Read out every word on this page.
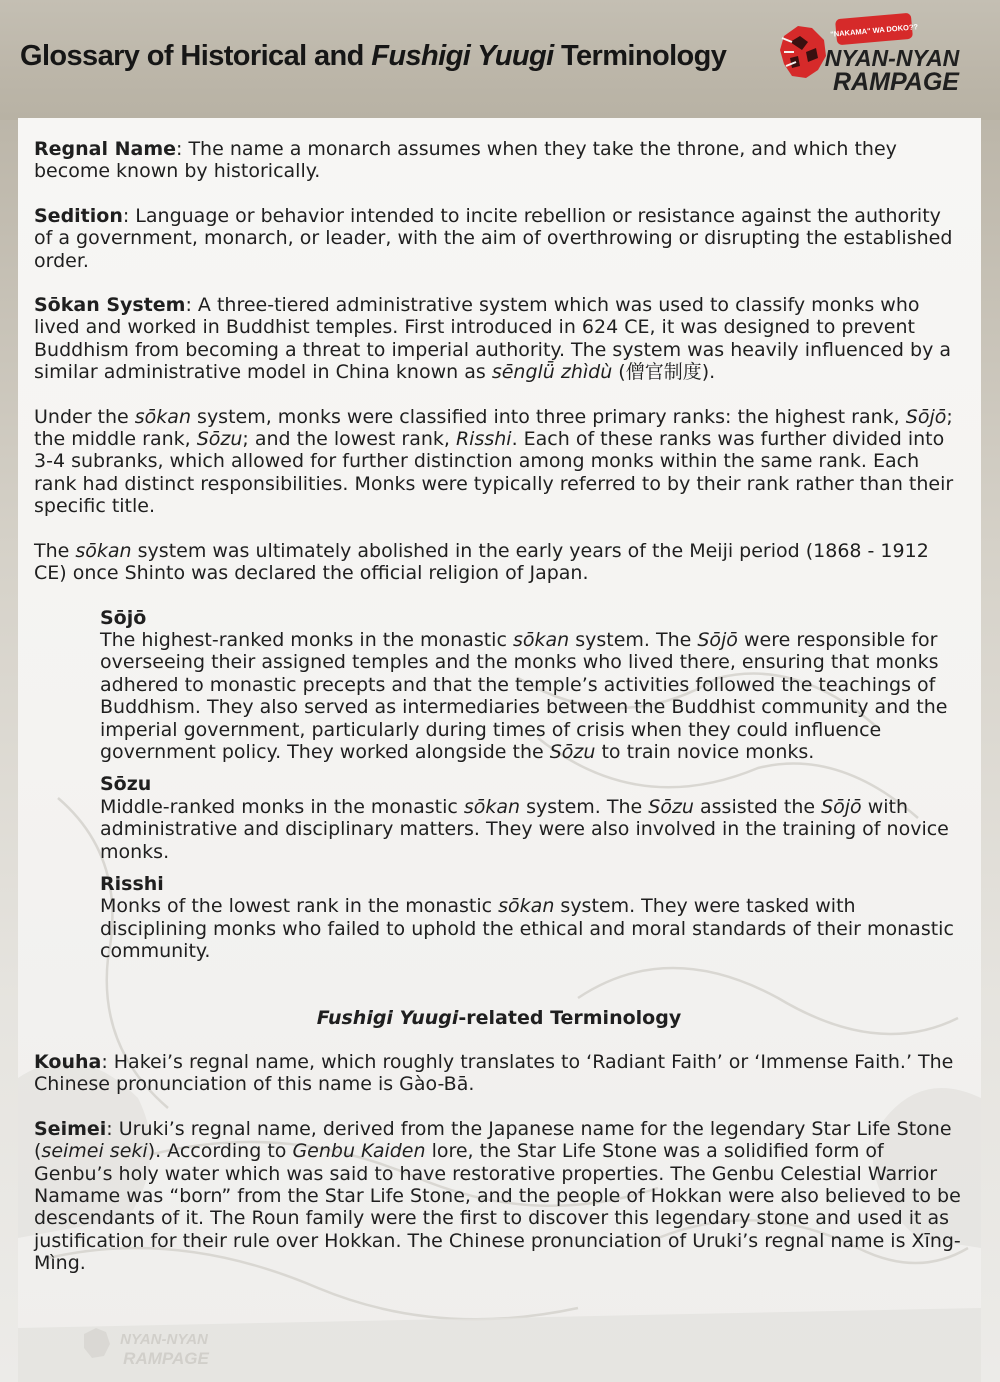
Glossary of Historical and Fushigi Yuugi Terminology
"NAKAMA" WA DOKO??
NYAN-NYAN
RAMPAGE

Regnal Name: The name a monarch assumes when they take the throne, and which they become known by historically.

Sedition: Language or behavior intended to incite rebellion or resistance against the authority of a government, monarch, or leader, with the aim of overthrowing or disrupting the established order.

Sōkan System: A three-tiered administrative system which was used to classify monks who lived and worked in Buddhist temples. First introduced in 624 CE, it was designed to prevent Buddhism from becoming a threat to imperial authority. The system was heavily influenced by a similar administrative model in China known as sēnglǖ zhìdù (僧官制度).

Under the sōkan system, monks were classified into three primary ranks: the highest rank, Sōjō; the middle rank, Sōzu; and the lowest rank, Risshi. Each of these ranks was further divided into 3-4 subranks, which allowed for further distinction among monks within the same rank. Each rank had distinct responsibilities. Monks were typically referred to by their rank rather than their specific title.

The sōkan system was ultimately abolished in the early years of the Meiji period (1868 - 1912 CE) once Shinto was declared the official religion of Japan.

Sōjō
The highest-ranked monks in the monastic sōkan system. The Sōjō were responsible for overseeing their assigned temples and the monks who lived there, ensuring that monks adhered to monastic precepts and that the temple’s activities followed the teachings of Buddhism. They also served as intermediaries between the Buddhist community and the imperial government, particularly during times of crisis when they could influence government policy. They worked alongside the Sōzu to train novice monks.
Sōzu
Middle-ranked monks in the monastic sōkan system. The Sōzu assisted the Sōjō with administrative and disciplinary matters. They were also involved in the training of novice monks.
Risshi
Monks of the lowest rank in the monastic sōkan system. They were tasked with disciplining monks who failed to uphold the ethical and moral standards of their monastic community.
Fushigi Yuugi-related Terminology

Kouha: Hakei’s regnal name, which roughly translates to ‘Radiant Faith’ or ‘Immense Faith.’ The Chinese pronunciation of this name is Gào-Bā.

Seimei: Uruki’s regnal name, derived from the Japanese name for the legendary Star Life Stone (seimei seki). According to Genbu Kaiden lore, the Star Life Stone was a solidified form of Genbu’s holy water which was said to have restorative properties. The Genbu Celestial Warrior Namame was “born” from the Star Life Stone, and the people of Hokkan were also believed to be descendants of it. The Roun family were the first to discover this legendary stone and used it as justification for their rule over Hokkan. The Chinese pronunciation of Uruki’s regnal name is Xīng-Mìng.

NYAN-NYAN
RAMPAGE
